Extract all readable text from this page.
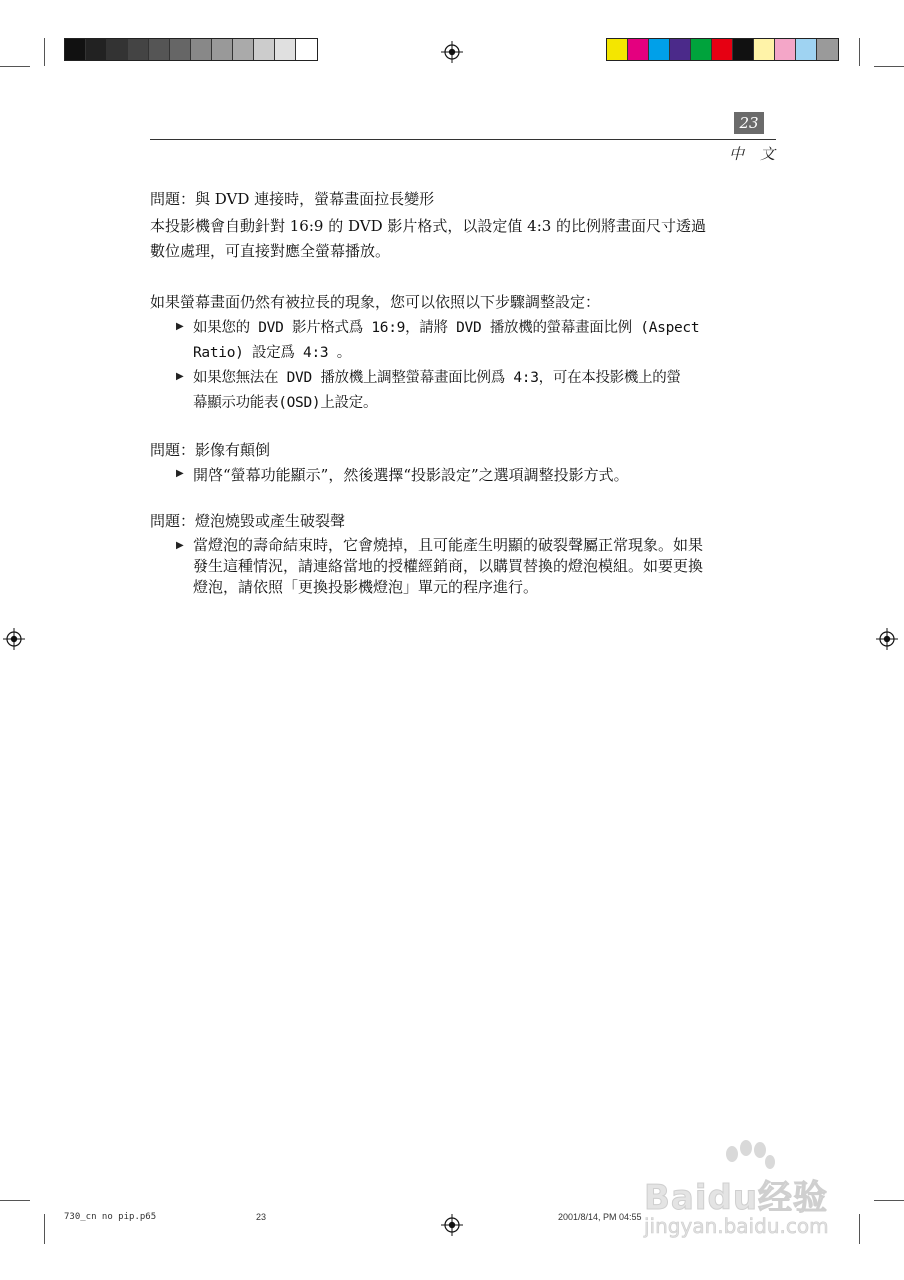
23
中文
問題：與 DVD 連接時，螢幕畫面拉長變形
本投影機會自動針對 16:9 的 DVD 影片格式，以設定值 4:3 的比例將畫面尺寸透過
數位處理，可直接對應全螢幕播放。
如果螢幕畫面仍然有被拉長的現象，您可以依照以下步驟調整設定：
▶ 如果您的 DVD 影片格式爲 16:9，請將 DVD 播放機的螢幕畫面比例 (Aspect
Ratio) 設定爲 4:3 。
▶ 如果您無法在 DVD 播放機上調整螢幕畫面比例爲 4:3，可在本投影機上的螢
幕顯示功能表(OSD)上設定。
問題：影像有顛倒
▶ 開啓“螢幕功能顯示”，然後選擇“投影設定”之選項調整投影方式。
問題：燈泡燒毀或產生破裂聲
▶ 當燈泡的壽命結束時，它會燒掉，且可能產生明顯的破裂聲屬正常現象。如果
發生這種情況，請連絡當地的授權經銷商，以購買替換的燈泡模組。如要更換
燈泡，請依照「更換投影機燈泡」單元的程序進行。
730_cn no pip.p65	23	2001/8/14, PM 04:55 Baidu经验
jingyan.baidu.com
